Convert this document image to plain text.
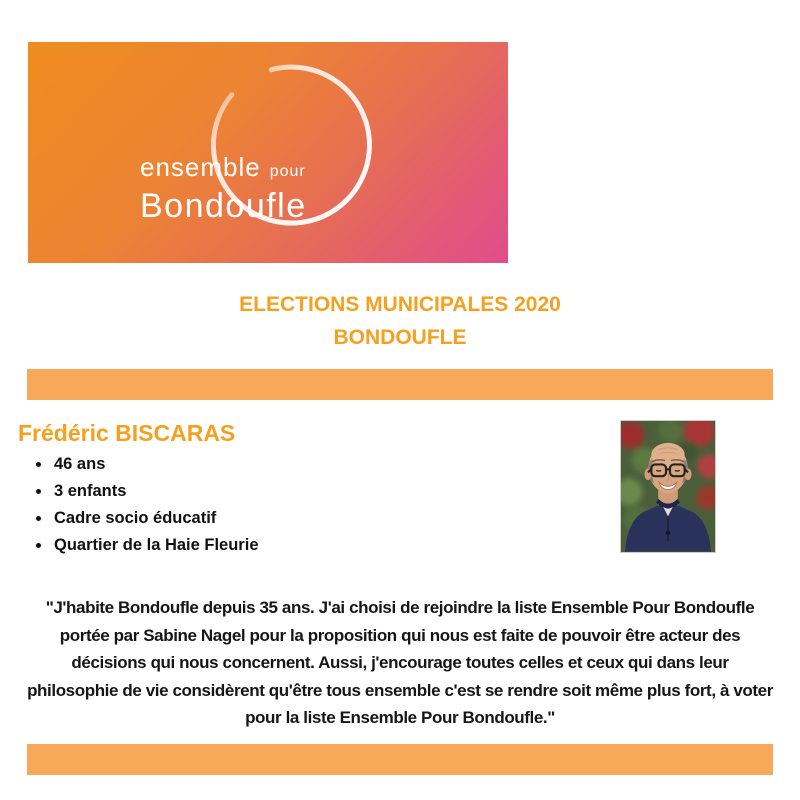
ensemble pour
Bondoufle
ELECTIONS MUNICIPALES 2020
BONDOUFLE
Frédéric BISCARAS
• 46 ans
• 3 enfants
• Cadre socio éducatif
• Quartier de la Haie Fleurie

"J'habite Bondoufle depuis 35 ans. J'ai choisi de rejoindre la liste Ensemble Pour Bondoufle portée par Sabine Nagel pour la proposition qui nous est faite de pouvoir être acteur des décisions qui nous concernent. Aussi, j'encourage toutes celles et ceux qui dans leur philosophie de vie considèrent qu'être tous ensemble c'est se rendre soit même plus fort, à voter pour la liste Ensemble Pour Bondoufle."
